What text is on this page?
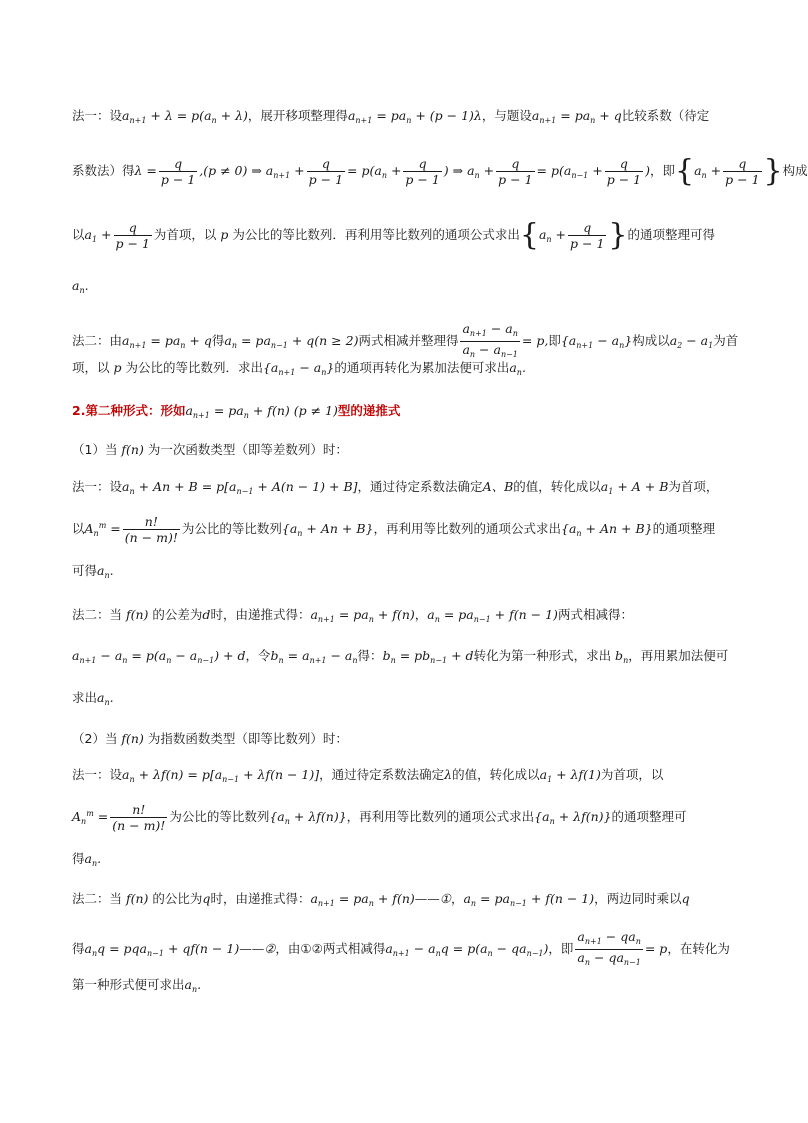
法一：设$a_{n+1} + \lambda = p(a_n + \lambda)$，展开移项整理得$a_{n+1} = pa_n + (p - 1)\lambda$，与题设$a_{n+1} = pa_n + q$比较系数（待定
系数法）得$\lambda = \frac{q}{p - 1} ,(p \ne 0)$ ⇒ $a_{n+1} + \frac{q}{p - 1} = p(a_n + \frac{q}{p - 1}$ ) ⇒ $a_n + \frac{q}{p - 1} = p(a_{n-1} + \frac{q}{p - 1}$ )，即{$a_n + \frac{q}{p - 1}$ }构成
以$a_1 + \frac{q}{p - 1}$ 为首项，以 p 为公比的等比数列．再利用等比数列的通项公式求出{$a_n + \frac{q}{p - 1}$ }的通项整理可得
$a_n$.
法二：由$a_{n+1} = pa_n + q$得$a_n = pa_{n-1} + q(n \ge 2)$两式相减并整理得 $\frac{a_{n+1} - a_n}{a_n - a_{n-1}} = p$,即$\{a_{n+1} - a_n\}$构成以$a_2 - a_1$为首
项，以 p 为公比的等比数列．求出$\{a_{n+1} - a_n\}$的通项再转化为累加法便可求出$a_n$.
2.第二种形式：形如$a_{n+1} = pa_n + f(n) (p \ne 1)$型的递推式
（1）当 f(n) 为一次函数类型（即等差数列）时：
法一：设$a_n + An + B = p[a_{n-1} + A(n - 1) + B]$，通过待定系数法确定A、B的值，转化成以$a_1 + A + B$为首项，
以$A_n^m = \frac{n!}{(n - m)!}$ 为公比的等比数列$\{a_n + An + B\}$，再利用等比数列的通项公式求出$\{a_n + An + B\}$的通项整理
可得$a_n$.
法二：当 f(n) 的公差为d时，由递推式得：$a_{n+1} = pa_n + f(n)$，$a_n = pa_{n-1} + f(n - 1)$两式相减得：
$a_{n+1} - a_n = p(a_n - a_{n-1}) + d$，令$b_n = a_{n+1} - a_n$得：$b_n = pb_{n-1} + d$转化为第一种形式，求出 $b_n$，再用累加法便可
求出$a_n$.
（2）当 f(n) 为指数函数类型（即等比数列）时：
法一：设$a_n + \lambda f(n) = p[a_{n-1} + \lambda f(n - 1)]$，通过待定系数法确定λ的值，转化成以$a_1 + \lambda f(1)$为首项，以
$A_n^m = \frac{n!}{(n - m)!}$ 为公比的等比数列$\{a_n + \lambda f(n)\}$，再利用等比数列的通项公式求出$\{a_n + \lambda f(n)\}$的通项整理可
得$a_n$.
法二：当 f(n) 的公比为q时，由递推式得：$a_{n+1} = pa_n$ + f(n)——①，$a_n = pa_{n-1} + f(n - 1)$，两边同时乘以q
得$a_nq = pqa_{n-1} + qf(n$ − 1)——②，由①②两式相减得$a_{n+1} - a_nq = p(a_n - qa_{n-1})$，即 $\frac{a_{n+1} - qa_n}{a_n - qa_{n-1}} = p$，在转化为
第一种形式便可求出$a_n$.
